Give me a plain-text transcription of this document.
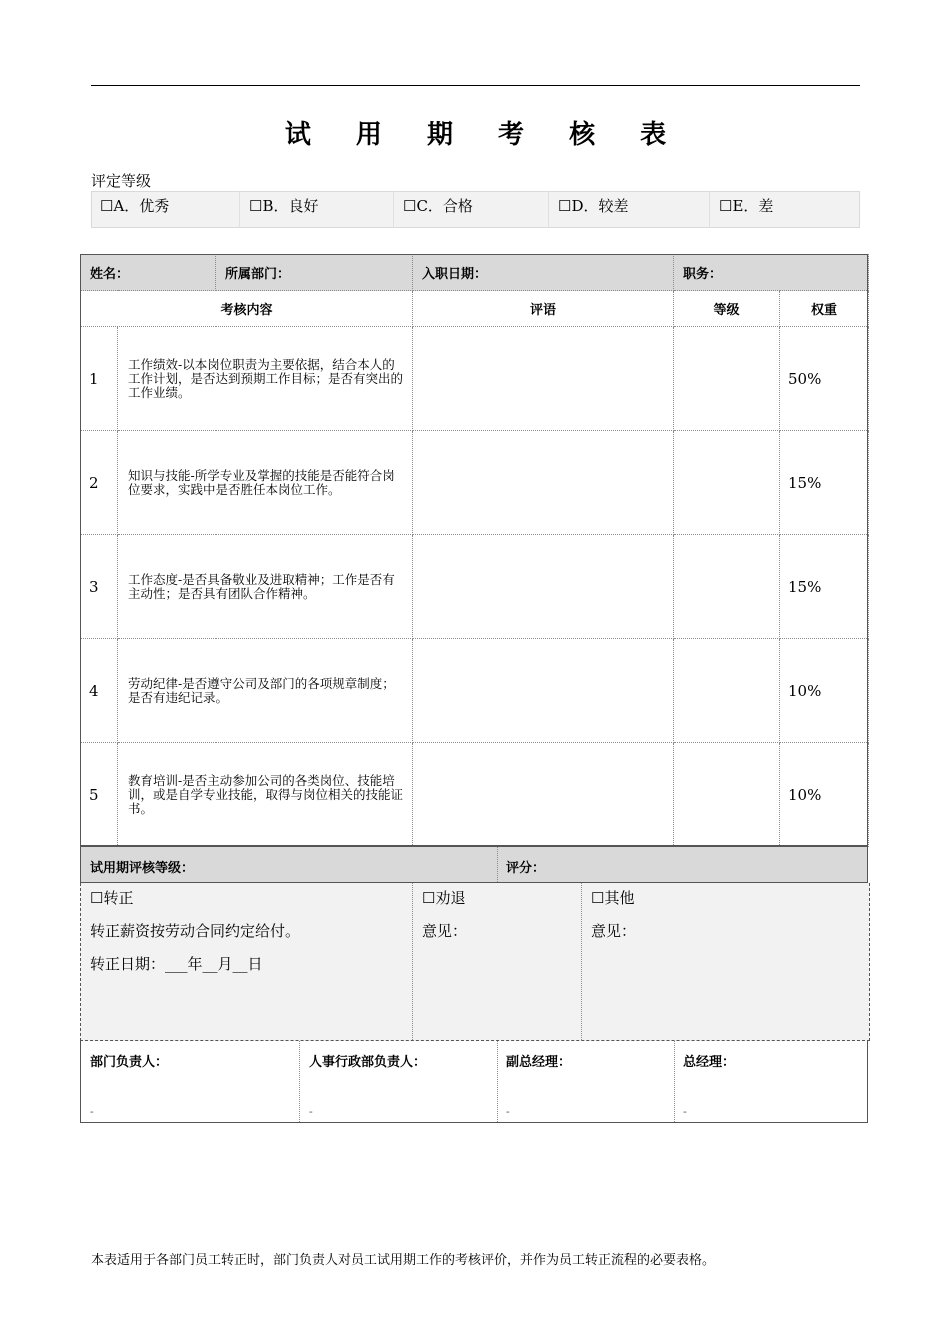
试 用 期 考 核 表
评定等级
☐A．优秀	☐B．良好	☐C．合格	☐D．较差	☐E．差
姓名：		所属部门：	入职日期：	职务：	
考核内容			评语	等级	权重
1	工作绩效-以本岗位职责为主要依据，结合本人的工作计划，是否达到预期工作目标；是否有突出的工作业绩。				50%
2	知识与技能-所学专业及掌握的技能是否能符合岗位要求，实践中是否胜任本岗位工作。				15%
3	工作态度-是否具备敬业及进取精神；工作是否有主动性；是否具有团队合作精神。				15%
4	劳动纪律-是否遵守公司及部门的各项规章制度；是否有违纪记录。				10%
5	教育培训-是否主动参加公司的各类岗位、技能培训，或是自学专业技能，取得与岗位相关的技能证书。				10%
试用期评核等级：	评分：
☐转正
转正薪资按劳动合同约定给付。
转正日期：___年__月__日
☐劝退
意见：
☐其他
意见：
部门负责人：	人事行政部负责人：	副总经理：	总经理：
-	-	-	-
本表适用于各部门员工转正时，部门负责人对员工试用期工作的考核评价，并作为员工转正流程的必要表格。
